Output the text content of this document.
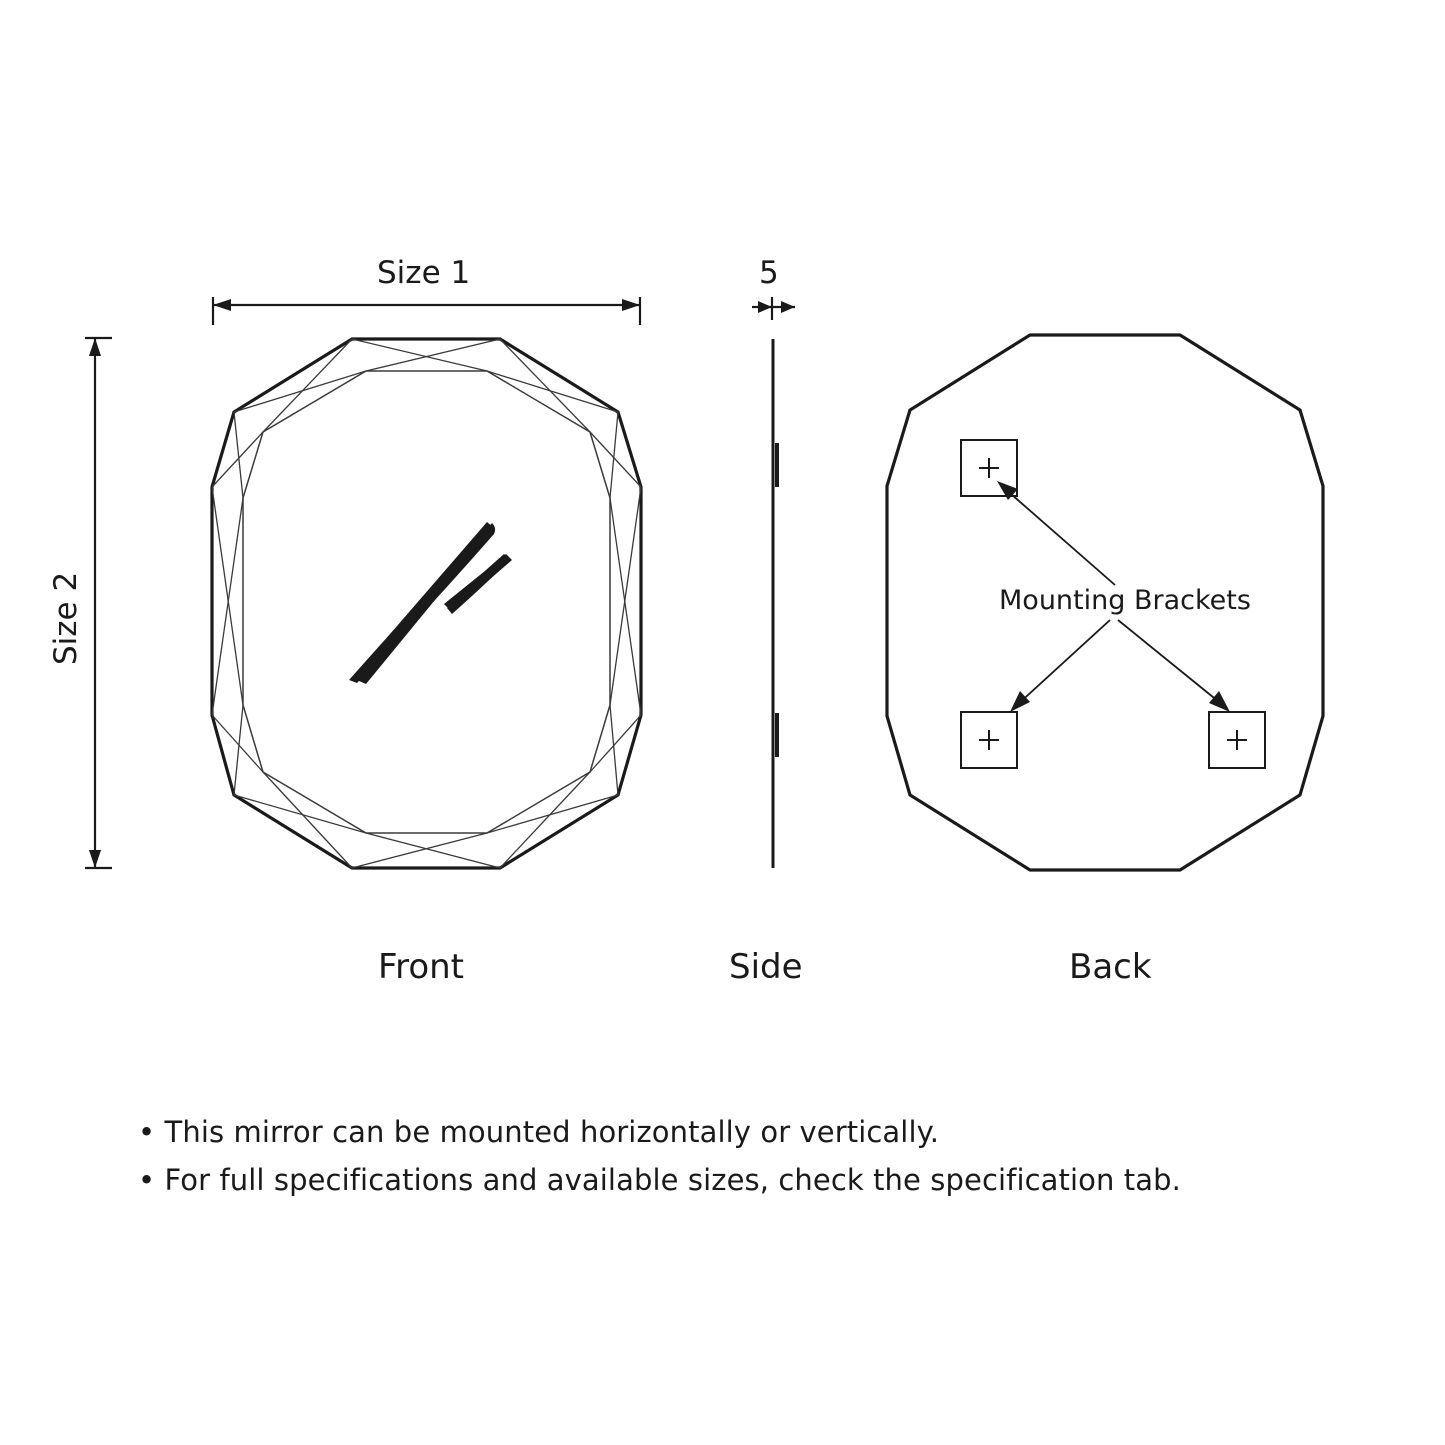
Size 1
Size 2
5
Front	Side	Back
Mounting Brackets
• This mirror can be mounted horizontally or vertically.
• For full specifications and available sizes, check the specification tab.
